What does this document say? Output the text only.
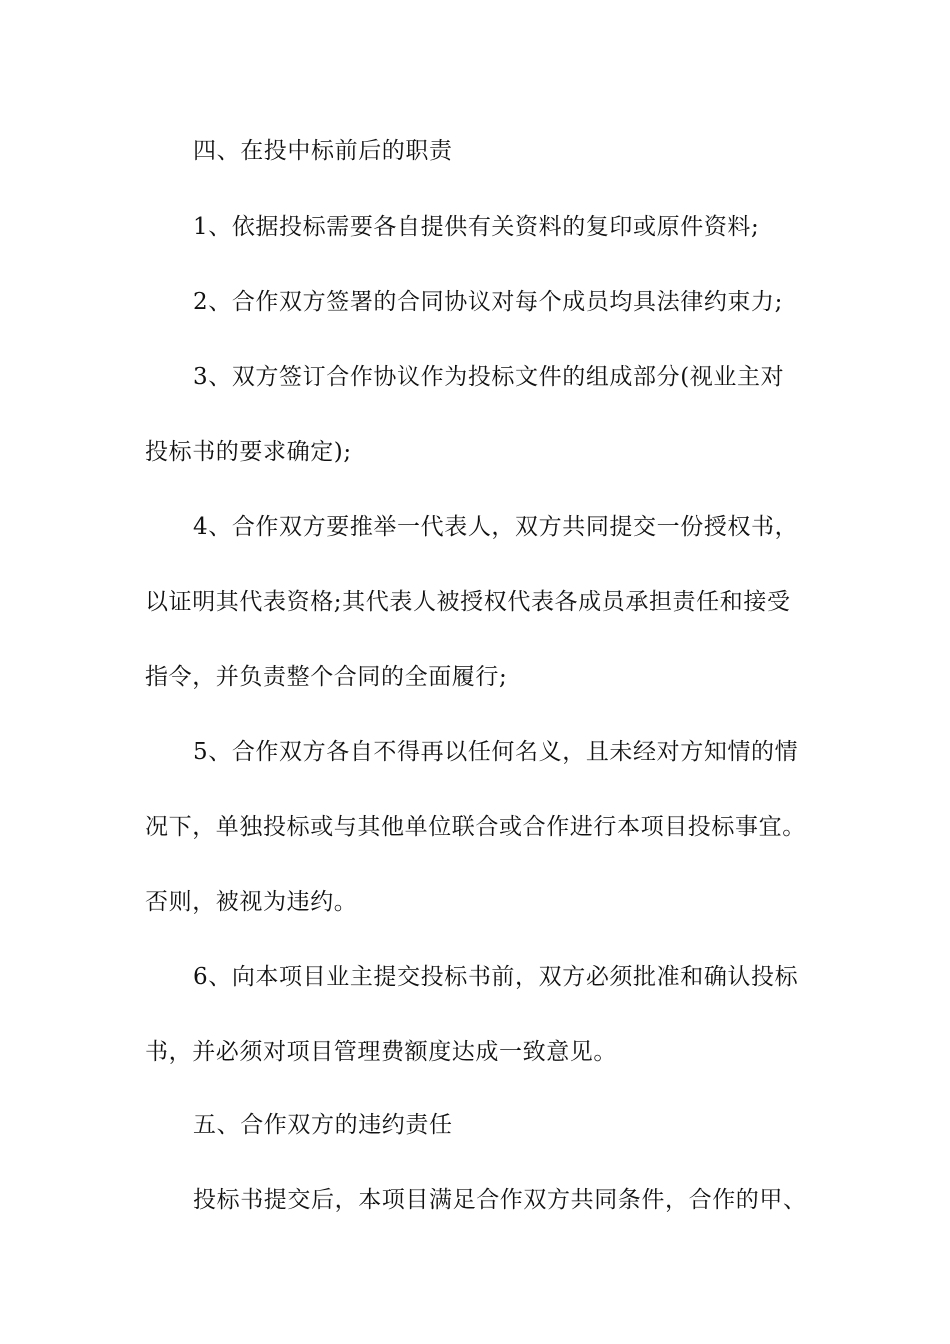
四、在投中标前后的职责
1、依据投标需要各自提供有关资料的复印或原件资料;
2、合作双方签署的合同协议对每个成员均具法律约束力;
3、双方签订合作协议作为投标文件的组成部分(视业主对
投标书的要求确定);
4、合作双方要推举一代表人，双方共同提交一份授权书，
以证明其代表资格;其代表人被授权代表各成员承担责任和接受
指令，并负责整个合同的全面履行;
5、合作双方各自不得再以任何名义，且未经对方知情的情
况下，单独投标或与其他单位联合或合作进行本项目投标事宜。
否则，被视为违约。
6、向本项目业主提交投标书前，双方必须批准和确认投标
书，并必须对项目管理费额度达成一致意见。
五、合作双方的违约责任
投标书提交后，本项目满足合作双方共同条件，合作的甲、
